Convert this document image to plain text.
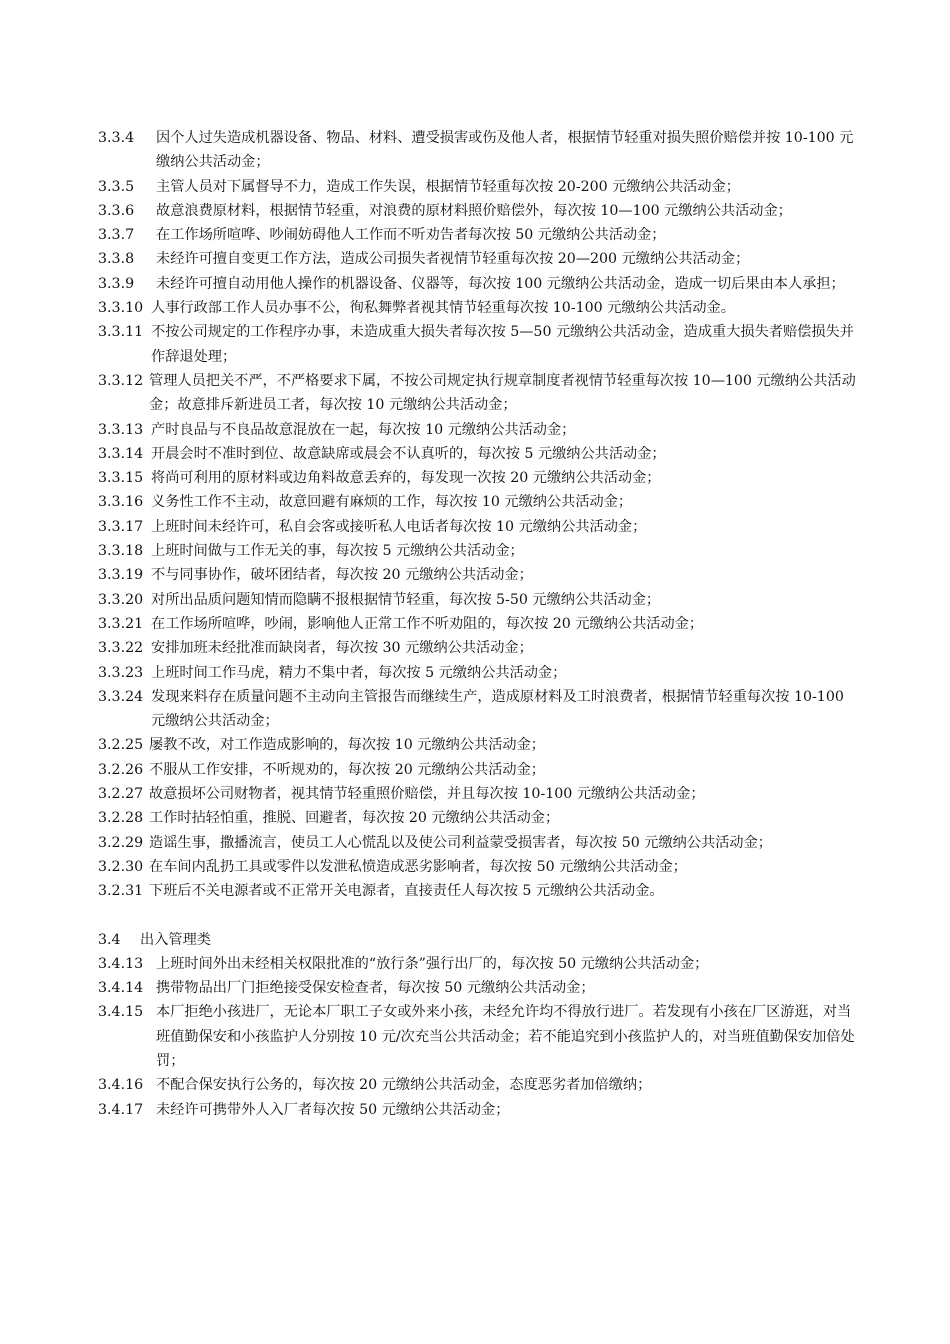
3.3.4	因个人过失造成机器设备、物品、材料、遭受损害或伤及他人者，根据情节轻重对损失照价赔偿并按 10-100 元缴纳公共活动金；
3.3.5	主管人员对下属督导不力，造成工作失误，根据情节轻重每次按 20-200 元缴纳公共活动金；
3.3.6	故意浪费原材料，根据情节轻重，对浪费的原材料照价赔偿外，每次按 10—100 元缴纳公共活动金；
3.3.7	在工作场所喧哗、吵闹妨碍他人工作而不听劝告者每次按 50 元缴纳公共活动金；
3.3.8	未经许可擅自变更工作方法，造成公司损失者视情节轻重每次按 20—200 元缴纳公共活动金；
3.3.9	未经许可擅自动用他人操作的机器设备、仪器等，每次按 100 元缴纳公共活动金，造成一切后果由本人承担；
3.3.10 人事行政部工作人员办事不公，徇私舞弊者视其情节轻重每次按 10-100 元缴纳公共活动金。
3.3.11 不按公司规定的工作程序办事，未造成重大损失者每次按 5—50 元缴纳公共活动金，造成重大损失者赔偿损失并作辞退处理；
3.3.12 管理人员把关不严，不严格要求下属，不按公司规定执行规章制度者视情节轻重每次按 10—100 元缴纳公共活动金；故意排斥新进员工者，每次按 10 元缴纳公共活动金；
3.3.13 产时良品与不良品故意混放在一起，每次按 10 元缴纳公共活动金；
3.3.14 开晨会时不准时到位、故意缺席或晨会不认真听的，每次按 5 元缴纳公共活动金；
3.3.15 将尚可利用的原材料或边角料故意丢弃的，每发现一次按 20 元缴纳公共活动金；
3.3.16 义务性工作不主动，故意回避有麻烦的工作，每次按 10 元缴纳公共活动金；
3.3.17 上班时间未经许可，私自会客或接听私人电话者每次按 10 元缴纳公共活动金；
3.3.18 上班时间做与工作无关的事，每次按 5 元缴纳公共活动金；
3.3.19 不与同事协作，破坏团结者，每次按 20 元缴纳公共活动金；
3.3.20 对所出品质问题知情而隐瞒不报根据情节轻重，每次按 5-50 元缴纳公共活动金；
3.3.21 在工作场所喧哗，吵闹，影响他人正常工作不听劝阻的，每次按 20 元缴纳公共活动金；
3.3.22 安排加班未经批准而缺岗者，每次按 30 元缴纳公共活动金；
3.3.23 上班时间工作马虎，精力不集中者，每次按 5 元缴纳公共活动金；
3.3.24 发现来料存在质量问题不主动向主管报告而继续生产，造成原材料及工时浪费者，根据情节轻重每次按 10-100 元缴纳公共活动金；
3.2.25 屡教不改，对工作造成影响的，每次按 10 元缴纳公共活动金；
3.2.26 不服从工作安排，不听规劝的，每次按 20 元缴纳公共活动金；
3.2.27 故意损坏公司财物者，视其情节轻重照价赔偿，并且每次按 10-100 元缴纳公共活动金；
3.2.28 工作时拈轻怕重，推脱、回避者，每次按 20 元缴纳公共活动金；
3.2.29 造谣生事，撒播流言，使员工人心慌乱以及使公司利益蒙受损害者，每次按 50 元缴纳公共活动金；
3.2.30 在车间内乱扔工具或零件以发泄私愤造成恶劣影响者，每次按 50 元缴纳公共活动金；
3.2.31 下班后不关电源者或不正常开关电源者，直接责任人每次按 5 元缴纳公共活动金。
3.4	出入管理类
3.4.13 上班时间外出未经相关权限批准的“放行条”强行出厂的，每次按 50 元缴纳公共活动金；
3.4.14 携带物品出厂门拒绝接受保安检查者，每次按 50 元缴纳公共活动金；
3.4.15 本厂拒绝小孩进厂，无论本厂职工子女或外来小孩，未经允许均不得放行进厂。若发现有小孩在厂区游逛，对当班值勤保安和小孩监护人分别按 10 元/次充当公共活动金；若不能追究到小孩监护人的，对当班值勤保安加倍处罚；
3.4.16 不配合保安执行公务的，每次按 20 元缴纳公共活动金，态度恶劣者加倍缴纳；
3.4.17 未经许可携带外人入厂者每次按 50 元缴纳公共活动金；
